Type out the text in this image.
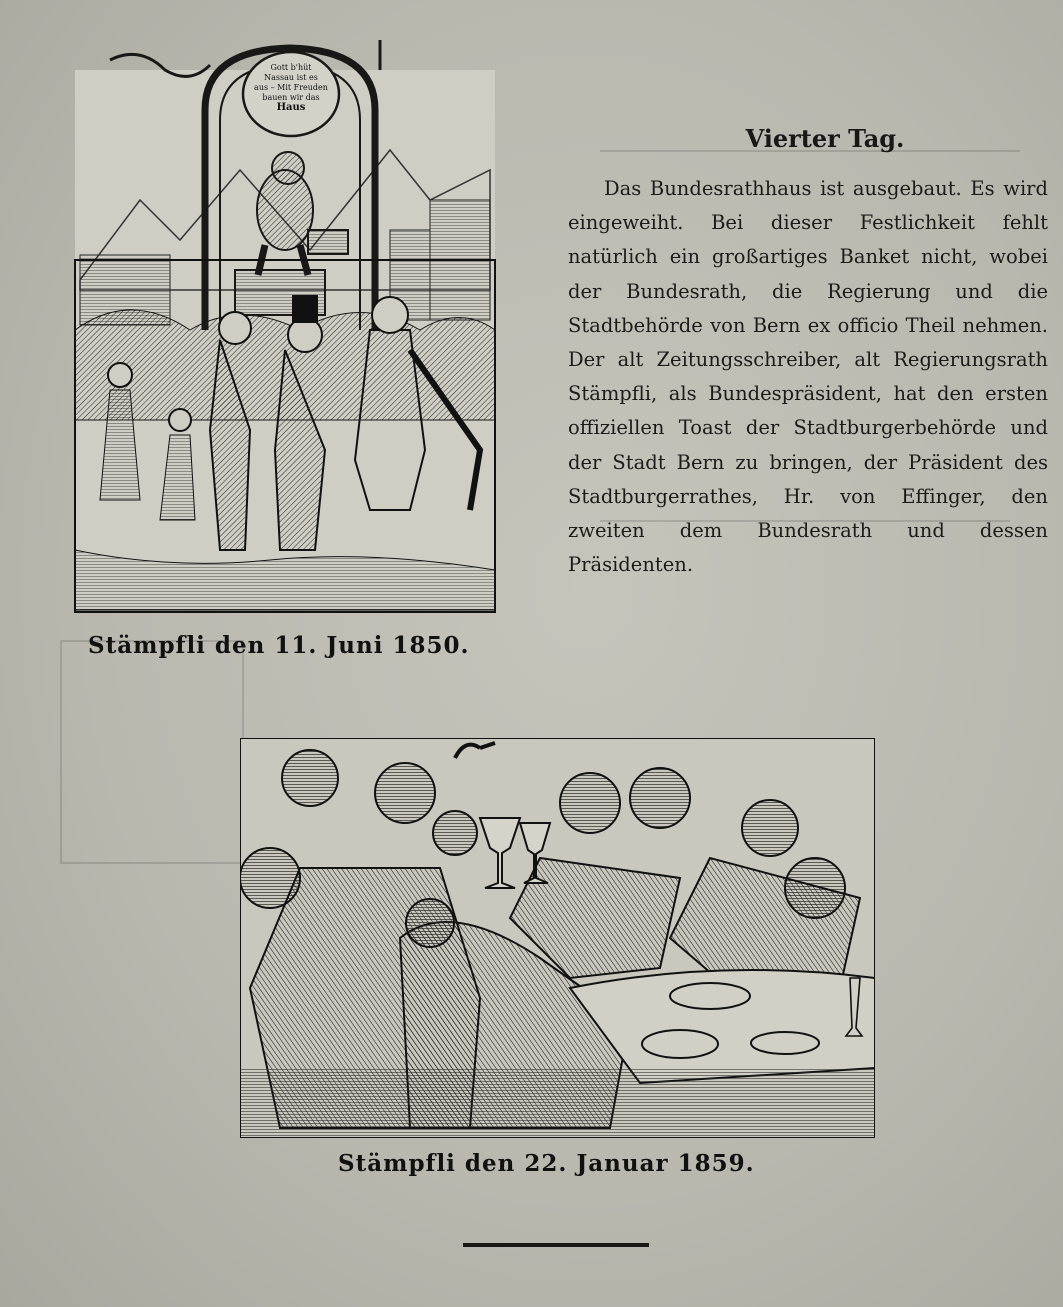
Gott b'hüt
Nassau ist es
aus – Mit Freuden
bauen wir das
Haus
Stämpfli den 11. Juni 1850.
Vierter Tag.

Das Bundesrathhaus ist ausgebaut. Es wird eingeweiht. Bei dieser Festlichkeit fehlt natürlich ein großartiges Banket nicht, wobei der Bundesrath, die Regierung und die Stadtbehörde von Bern ex officio Theil nehmen. Der alt Zeitungsschreiber, alt Regierungsrath Stämpfli, als Bundespräsident, hat den ersten offiziellen Toast der Stadtburgerbehörde und der Stadt Bern zu bringen, der Präsident des Stadtburgerrathes, Hr. von Effinger, den zweiten dem Bundesrath und dessen Präsidenten.

Stämpfli den 22. Januar 1859.
